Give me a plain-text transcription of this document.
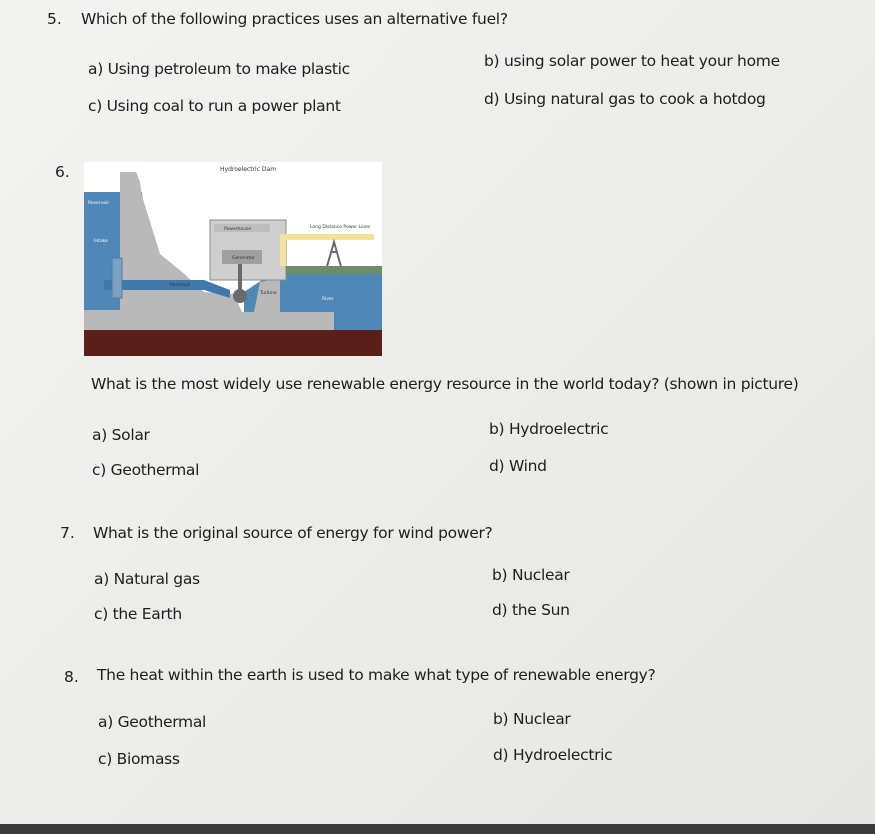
5. Which of the following practices uses an alternative fuel?
a) Using petroleum to make plastic	b) using solar power to heat your home
c) Using coal to run a power plant	d) Using natural gas to cook a hotdog
6.	Hydroelectric Dam
Reservoir
Intake
Powerhouse
Generator
Penstock
Turbine
Long Distance Power Lines
River
What is the most widely use renewable energy resource in the world today? (shown in picture)
a) Solar	b) Hydroelectric
c) Geothermal	d) Wind
7. What is the original source of energy for wind power?
a) Natural gas	b) Nuclear
c) the Earth	d) the Sun
8. The heat within the earth is used to make what type of renewable energy?
a) Geothermal	b) Nuclear
c) Biomass	d) Hydroelectric
